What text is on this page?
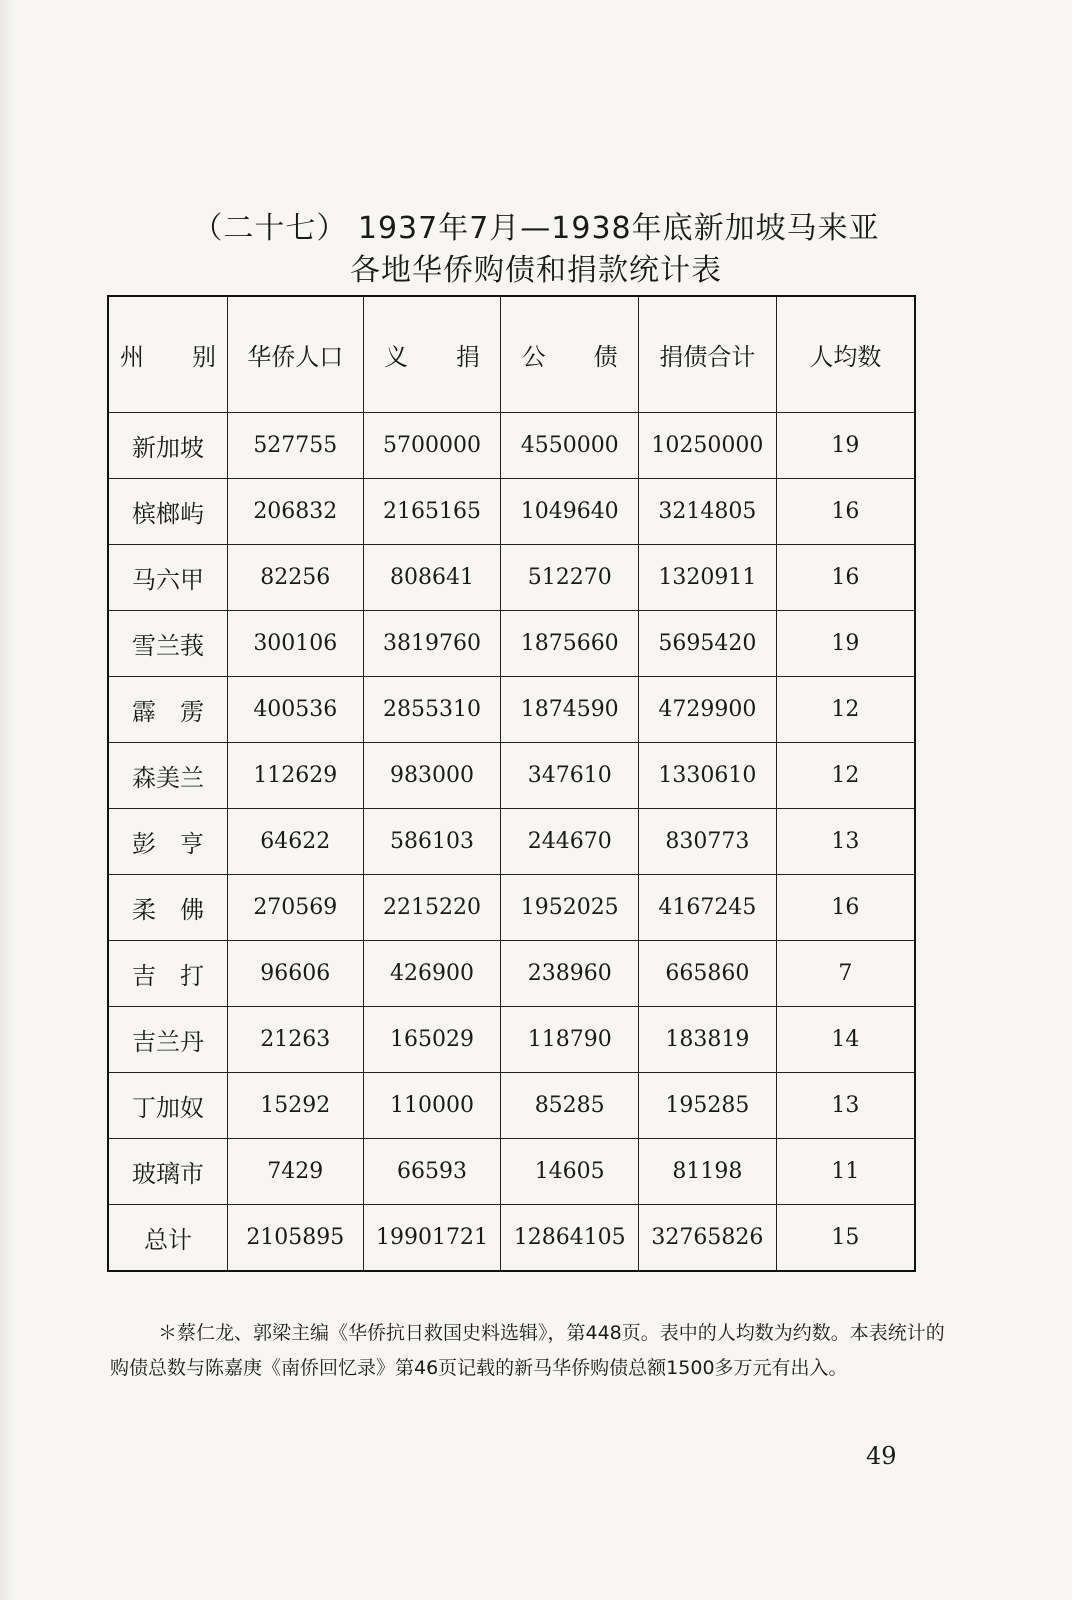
（二十七） 1937年7月—1938年底新加坡马来亚
各地华侨购债和捐款统计表
州　　别	华侨人口	义　　捐	公　　债	捐债合计	人均数
新加坡	527755	5700000	4550000	10250000	19
槟榔屿	206832	2165165	1049640	3214805	16
马六甲	82256	808641	512270	1320911	16
雪兰莪	300106	3819760	1875660	5695420	19
霹　雳	400536	2855310	1874590	4729900	12
森美兰	112629	983000	347610	1330610	12
彭　亨	64622	586103	244670	830773	13
柔　佛	270569	2215220	1952025	4167245	16
吉　打	96606	426900	238960	665860	7
吉兰丹	21263	165029	118790	183819	14
丁加奴	15292	110000	85285	195285	13
玻璃市	7429	66593	14605	81198	11
总计	2105895	19901721	12864105	32765826	15

＊蔡仁龙、郭梁主编《华侨抗日救国史料选辑》，第448页。表中的人均数为约数。本表统计的购债总数与陈嘉庚《南侨回忆录》第46页记载的新马华侨购债总额1500多万元有出入。

49
